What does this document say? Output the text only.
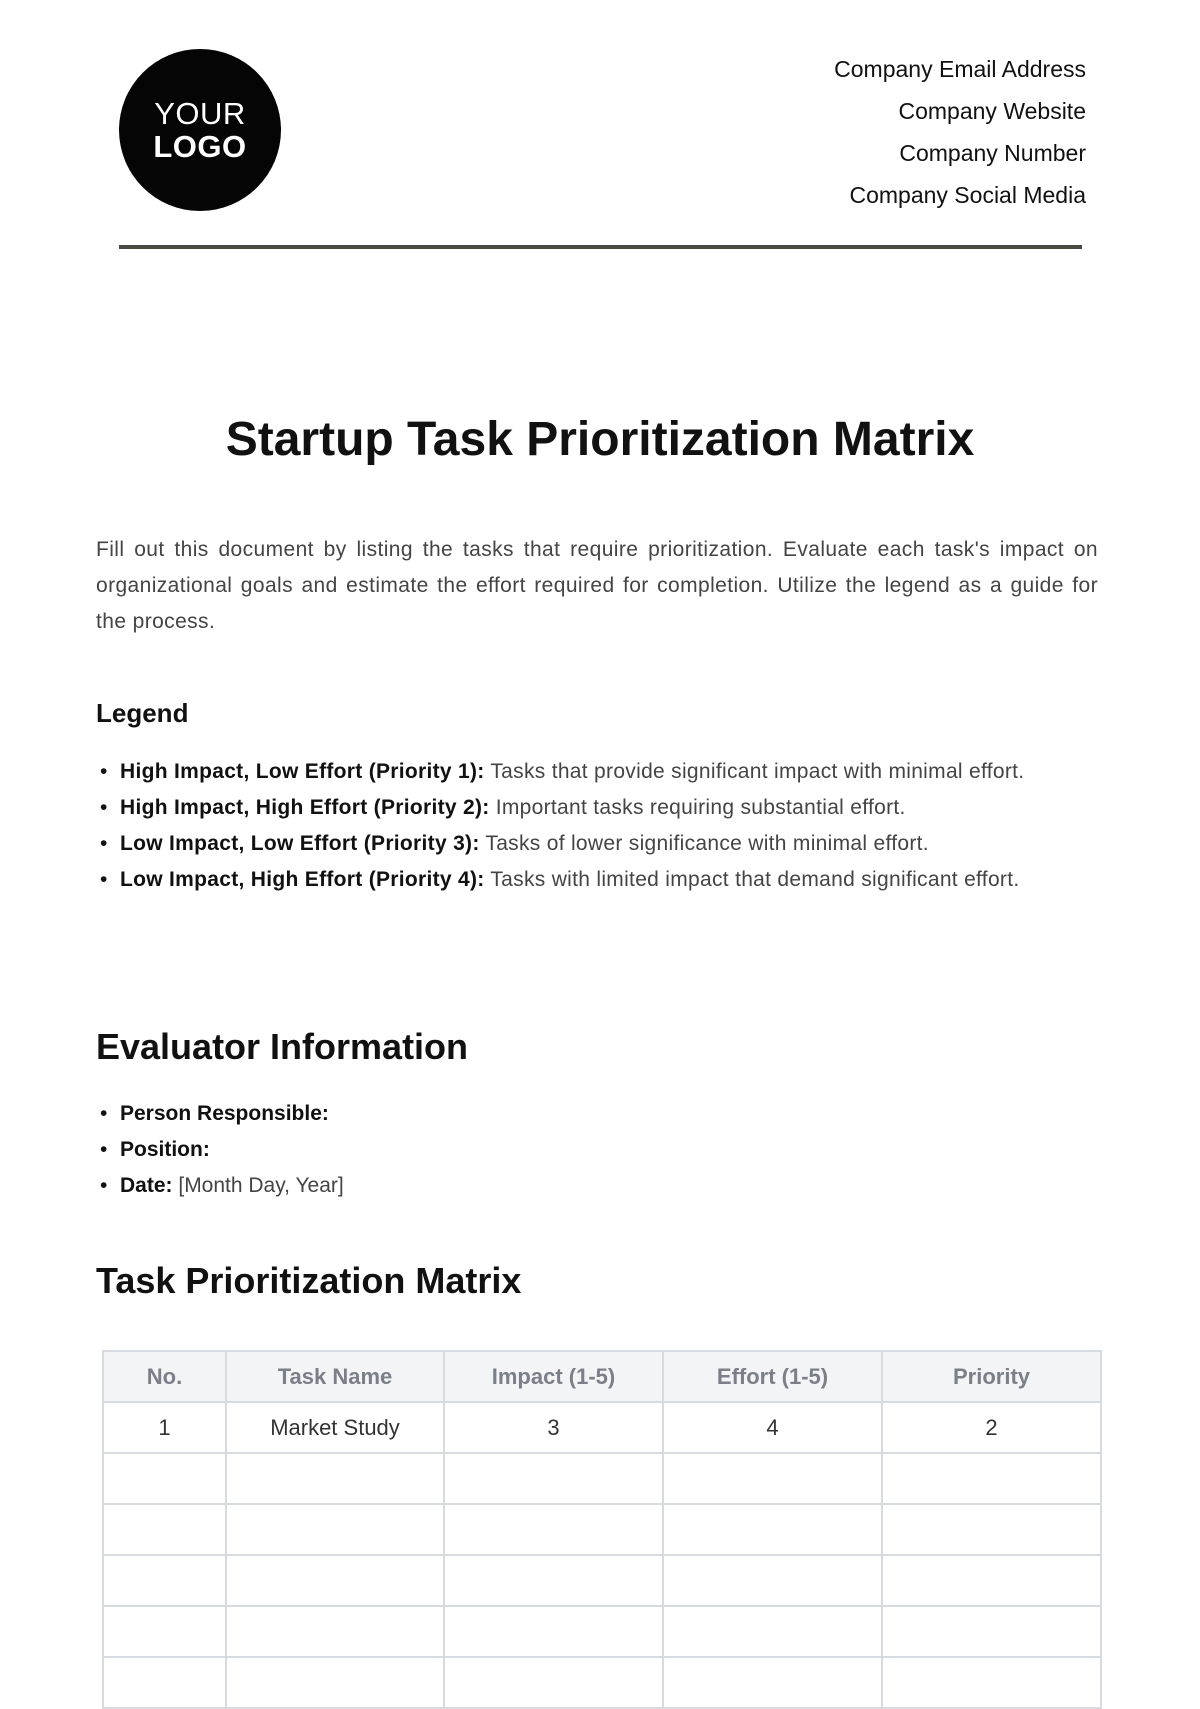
YOUR
LOGO
Company Email Address
Company Website
Company Number
Company Social Media
Startup Task Prioritization Matrix

Fill out this document by listing the tasks that require prioritization. Evaluate each task's impact on organizational goals and estimate the effort required for completion. Utilize the legend as a guide for the process.

Legend
• High Impact, Low Effort (Priority 1): Tasks that provide significant impact with minimal effort.
• High Impact, High Effort (Priority 2): Important tasks requiring substantial effort.
• Low Impact, Low Effort (Priority 3): Tasks of lower significance with minimal effort.
• Low Impact, High Effort (Priority 4): Tasks with limited impact that demand significant effort.
Evaluator Information
• Person Responsible:
• Position:
• Date: [Month Day, Year]
Task Prioritization Matrix
No.	Task Name	Impact (1-5)	Effort (1-5)	Priority
1	Market Study	3	4	2
